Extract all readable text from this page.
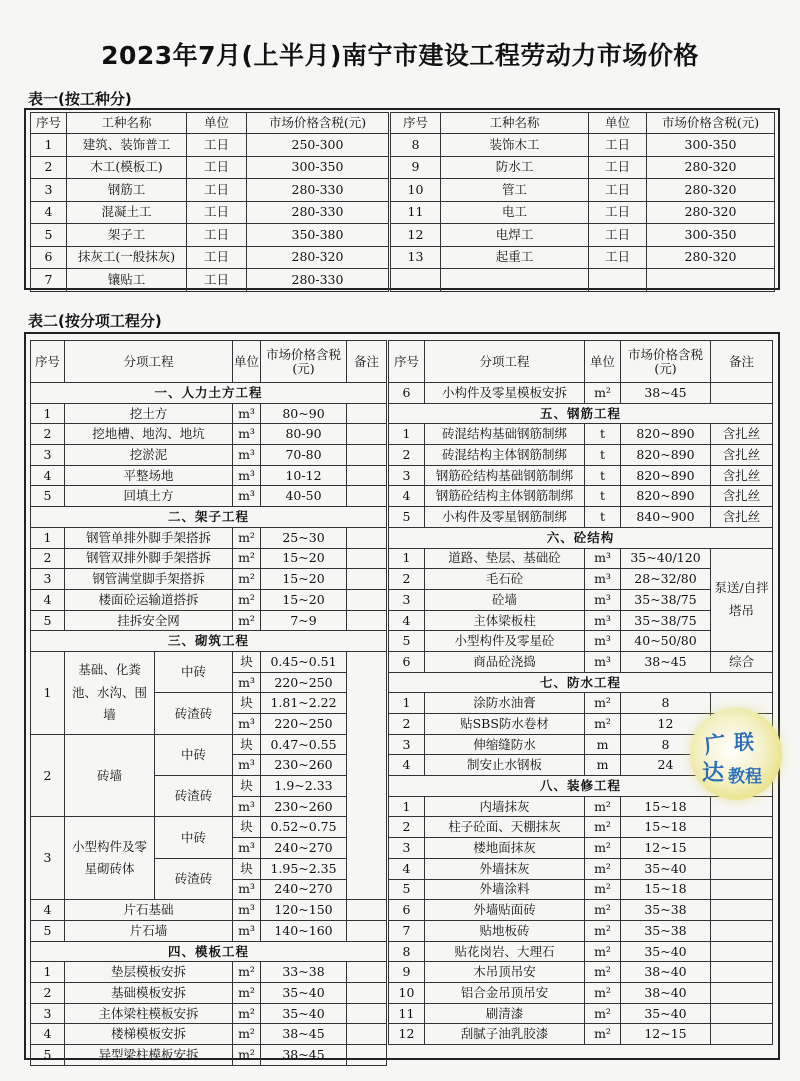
2023年7月(上半月)南宁市建设工程劳动力市场价格
表一(按工种分)
序号	工种名称	单位	市场价格含税(元)
1	建筑、装饰普工	工日	250-300
2	木工(模板工)	工日	300-350
3	钢筋工	工日	280-330
4	混凝土工	工日	280-330
5	架子工	工日	350-380
6	抹灰工(一般抹灰)	工日	280-320
7	镶贴工	工日	280-330
序号	工种名称	单位	市场价格含税(元)
8	装饰木工	工日	300-350
9	防水工	工日	280-320
10	管工	工日	280-320
11	电工	工日	280-320
12	电焊工	工日	300-350
13	起重工	工日	280-320

表二(按分项工程分)
序号	分项工程		单位	市场价格含税(元)	备注
一、人力土方工程					
1	挖土方		m³	80~90	
2	挖地槽、地沟、地坑		m³	80-90	
3	挖淤泥		m³	70-80	
4	平整场地		m³	10-12	
5	回填土方		m³	40-50	
二、架子工程					
1	钢管单排外脚手架搭拆		m²	25~30	
2	钢管双排外脚手架搭拆		m²	15~20	
3	钢管满堂脚手架搭拆		m²	15~20	
4	楼面砼运输道搭拆		m²	15~20	
5	挂拆安全网		m²	7~9	
三、砌筑工程					
1	基础、化粪池、水沟、围墙	中砖	块	0.45~0.51	
			m³	220~250	
		砖渣砖	块	1.81~2.22	
			m³	220~250	
2	砖墙	中砖	块	0.47~0.55	
			m³	230~260	
		砖渣砖	块	1.9~2.33	
			m³	230~260	
3	小型构件及零星砌砖体	中砖	块	0.52~0.75	
			m³	240~270	
		砖渣砖	块	1.95~2.35	
			m³	240~270	
4	片石基础		m³	120~150	
5	片石墙		m³	140~160	
四、模板工程					
1	垫层模板安拆		m²	33~38	
2	基础模板安拆		m²	35~40	
3	主体梁柱模板安拆		m²	35~40	
4	楼梯模板安拆		m²	38~45	
5	异型梁柱模板安拆		m²	38~45	
序号	分项工程	单位	市场价格含税(元)	备注
6	小构件及零星模板安拆	m²	38~45	
五、钢筋工程				
1	砖混结构基础钢筋制绑	t	820~890	含扎丝
2	砖混结构主体钢筋制绑	t	820~890	含扎丝
3	钢筋砼结构基础钢筋制绑	t	820~890	含扎丝
4	钢筋砼结构主体钢筋制绑	t	820~890	含扎丝
5	小构件及零星钢筋制绑	t	840~900	含扎丝
六、砼结构				
1	道路、垫层、基础砼	m³	35~40/120	泵送/自拌塔吊
2	毛石砼	m³	28~32/80	
3	砼墙	m³	35~38/75	
4	主体梁板柱	m³	35~38/75	
5	小型构件及零星砼	m³	40~50/80	
6	商品砼浇捣	m³	38~45	综合
七、防水工程				
1	涂防水油膏	m²	8	
2	贴SBS防水卷材	m²	12	
3	伸缩缝防水	m	8	
4	制安止水钢板	m	24	
八、装修工程				
1	内墙抹灰	m²	15~18	
2	柱子砼面、天棚抹灰	m²	15~18	
3	楼地面抹灰	m²	12~15	
4	外墙抹灰	m²	35~40	
5	外墙涂料	m²	15~18	
6	外墙贴面砖	m²	35~38	
7	贴地板砖	m²	35~38	
8	贴花岗岩、大理石	m²	35~40	
9	木吊顶吊安	m²	38~40	
10	铝合金吊顶吊安	m²	38~40	
11	刷清漆	m²	35~40	
12	刮腻子油乳胶漆	m²	12~15	
广 联
达 教程
